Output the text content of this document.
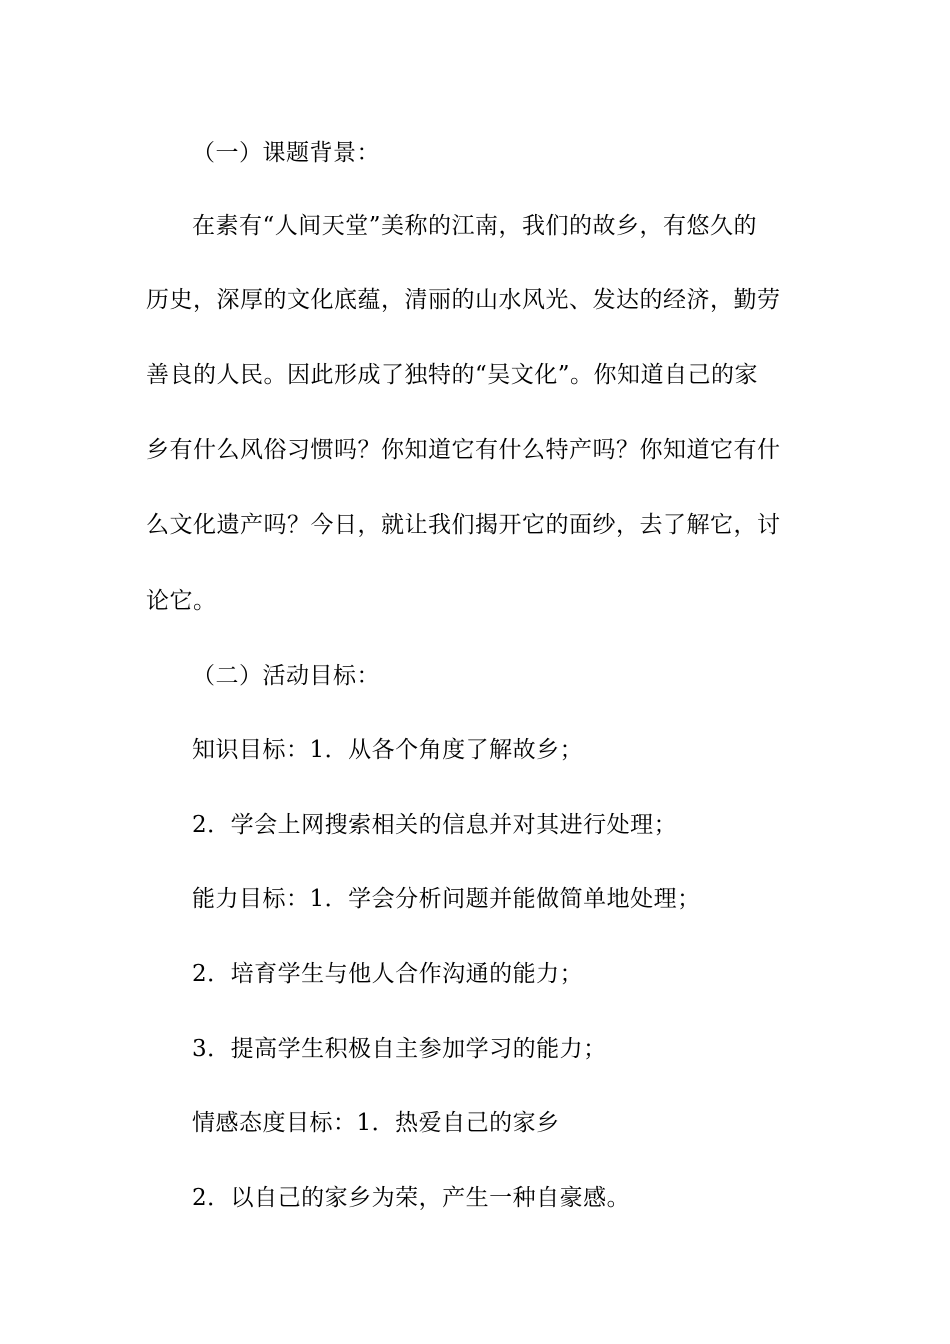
（一）课题背景：
在素有“人间天堂”美称的江南，我们的故乡，有悠久的
历史，深厚的文化底蕴，清丽的山水风光、发达的经济，勤劳
善良的人民。因此形成了独特的“吴文化”。你知道自己的家
乡有什么风俗习惯吗？你知道它有什么特产吗？你知道它有什
么文化遗产吗？今日，就让我们揭开它的面纱，去了解它，讨
论它。
（二）活动目标：
知识目标：1．从各个角度了解故乡；
2．学会上网搜索相关的信息并对其进行处理；
能力目标：1．学会分析问题并能做简单地处理；
2．培育学生与他人合作沟通的能力；
3．提高学生积极自主参加学习的能力；
情感态度目标：1．热爱自己的家乡
2．以自己的家乡为荣，产生一种自豪感。
